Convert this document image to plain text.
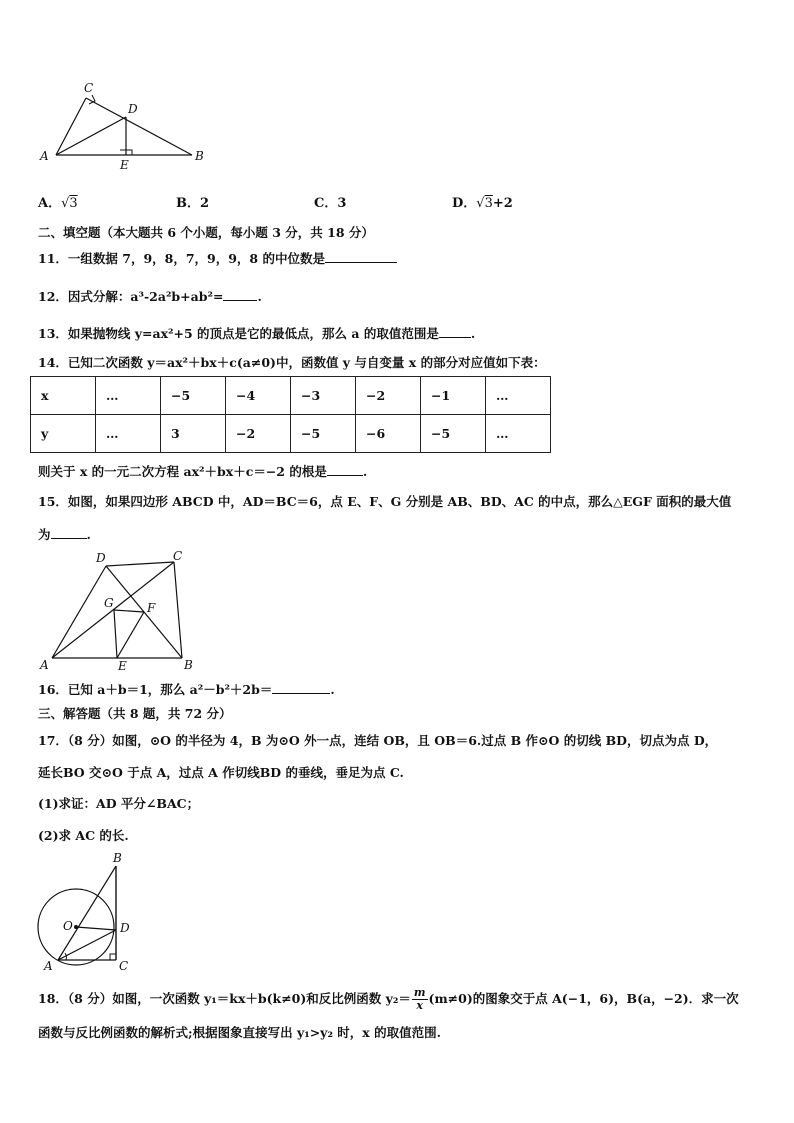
C
D
A
E
B
A．√3	B．2	C．3	D．√3+2
二、填空题（本大题共 6 个小题，每小题 3 分，共 18 分）
11．一组数据 7，9，8，7，9，9，8 的中位数是
12．因式分解：a³-2a²b+ab²=	.
13．如果抛物线 y=ax²+5 的顶点是它的最低点，那么 a 的取值范围是	.
14．已知二次函数 y＝ax²＋bx＋c(a≠0)中，函数值 y 与自变量 x 的部分对应值如下表：
x	…	−5	−4	−3	−2	−1	…
y	…	3	−2	−5	−6	−5	…
则关于 x 的一元二次方程 ax²＋bx＋c＝−2 的根是	.
15．如图，如果四边形 ABCD 中，AD＝BC＝6，点 E、F、G 分别是 AB、BD、AC 的中点，那么△EGF 面积的最大值
为	.
D	C
G	F
A	E	B
16．已知 a＋b＝1，那么 a²－b²＋2b＝	.
三、解答题（共 8 题，共 72 分）
17．（8 分）如图，⊙O 的半径为 4，B 为⊙O 外一点，连结 OB，且 OB＝6.过点 B 作⊙O 的切线 BD，切点为点 D，
延长BO 交⊙O 于点 A，过点 A 作切线BD 的垂线，垂足为点 C.
(1)求证：AD 平分∠BAC；
(2)求 AC 的长.
B
O	D
A	C
18．（8 分）如图，一次函数 y₁＝kx＋b(k≠0)和反比例函数 $y_2= \frac{m}{x} (m\ne 0)$的图象交于点 A(−1，6)，B(a，−2)．求一次
函数与反比例函数的解析式;根据图象直接写出 y₁>y₂ 时，x 的取值范围.
